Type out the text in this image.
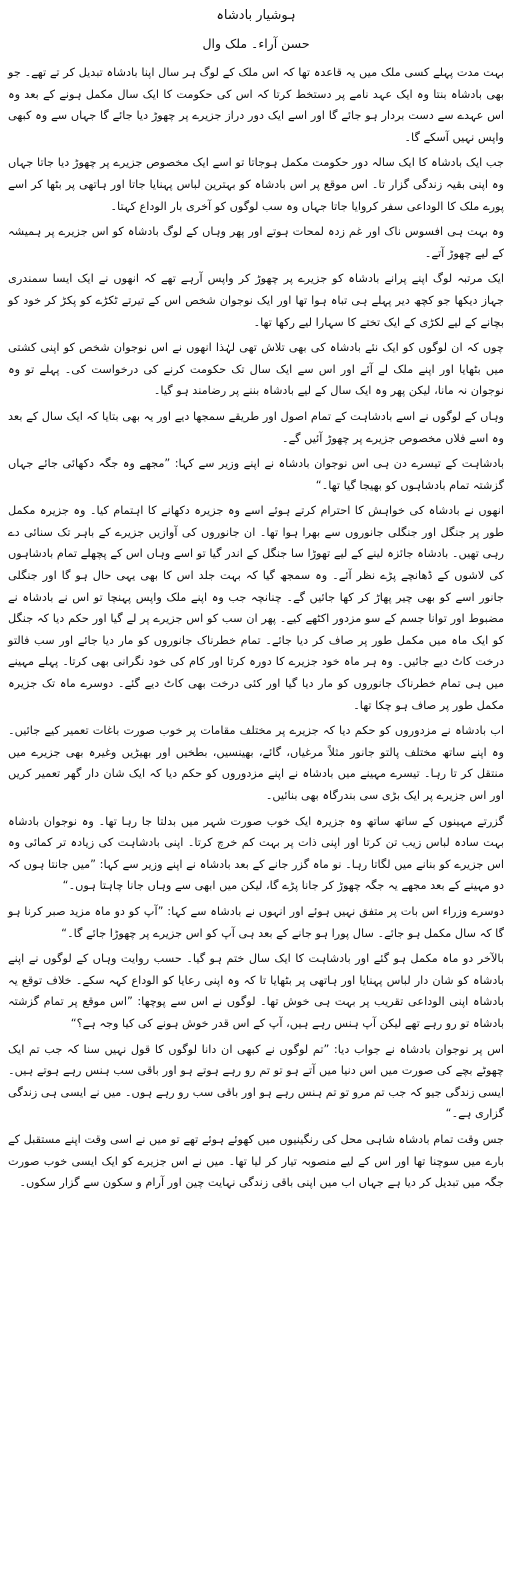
ہوشیار بادشاہ
حسن آراء۔ ملک وال

بہت مدت پہلے کسی ملک میں یہ قاعدہ تھا کہ اس ملک کے لوگ ہر سال اپنا بادشاہ تبدیل کر تے تھے۔ جو بھی بادشاہ بنتا وہ ایک عہد نامے پر دستخط کرتا کہ اس کی حکومت کا ایک سال مکمل ہونے کے بعد وہ اس عہدے سے دست بردار ہو جائے گا اور اسے ایک دور دراز جزیرے پر چھوڑ دیا جائے گا جہاں سے وہ کبھی واپس نہیں آسکے گا۔

جب ایک بادشاہ کا ایک سالہ دور حکومت مکمل ہوجاتا تو اسے ایک مخصوص جزیرے پر چھوڑ دیا جاتا جہاں وہ اپنی بقیہ زندگی گزار تا۔ اس موقع پر اس بادشاہ کو بہترین لباس پہنایا جاتا اور ہاتھی پر بٹھا کر اسے پورے ملک کا الوداعی سفر کروایا جاتا جہاں وہ سب لوگوں کو آخری بار الوداع کہتا۔

وہ بہت ہی افسوس ناک اور غم زدہ لمحات ہوتے اور پھر وہاں کے لوگ بادشاہ کو اس جزیرے پر ہمیشہ کے لیے چھوڑ آتے۔

ایک مرتبہ لوگ اپنے پرانے بادشاہ کو جزیرے پر چھوڑ کر واپس آرہے تھے کہ انھوں نے ایک ایسا سمندری جہاز دیکھا جو کچھ دیر پہلے ہی تباہ ہوا تھا اور ایک نوجوان شخص اس کے تیرتے ٹکڑے کو پکڑ کر خود کو بچانے کے لیے لکڑی کے ایک تختے کا سہارا لیے رکھا تھا۔

چوں کہ ان لوگوں کو ایک نئے بادشاہ کی بھی تلاش تھی لہٰذا انھوں نے اس نوجوان شخص کو اپنی کشتی میں بٹھایا اور اپنے ملک لے آئے اور اس سے ایک سال تک حکومت کرنے کی درخواست کی۔ پہلے تو وہ نوجوان نہ مانا، لیکن پھر وہ ایک سال کے لیے بادشاہ بننے پر رضامند ہو گیا۔

وہاں کے لوگوں نے اسے بادشاہت کے تمام اصول اور طریقے سمجھا دیے اور یہ بھی بتایا کہ ایک سال کے بعد وہ اسے فلاں مخصوص جزیرے پر چھوڑ آئیں گے۔

بادشاہت کے تیسرے دن ہی اس نوجوان بادشاہ نے اپنے وزیر سے کہا: ”مجھے وہ جگہ دکھائی جائے جہاں گزشتہ تمام بادشاہوں کو بھیجا گیا تھا۔“

انھوں نے بادشاہ کی خواہش کا احترام کرتے ہوئے اسے وہ جزیرہ دکھانے کا اہتمام کیا۔ وہ جزیرہ مکمل طور پر جنگل اور جنگلی جانوروں سے بھرا ہوا تھا۔ ان جانوروں کی آوازیں جزیرے کے باہر تک سنائی دے رہی تھیں۔ بادشاہ جائزہ لینے کے لیے تھوڑا سا جنگل کے اندر گیا تو اسے وہاں اس کے پچھلے تمام بادشاہوں کی لاشوں کے ڈھانچے پڑے نظر آئے۔ وہ سمجھ گیا کہ بہت جلد اس کا بھی یہی حال ہو گا اور جنگلی جانور اسے کو بھی چیر پھاڑ کر کھا جائیں گے۔ چنانچہ جب وہ اپنے ملک واپس پہنچا تو اس نے بادشاہ نے مضبوط اور توانا جسم کے سو مزدور اکٹھے کیے۔ پھر ان سب کو اس جزیرے پر لے گیا اور حکم دیا کہ جنگل کو ایک ماہ میں مکمل طور پر صاف کر دیا جائے۔ تمام خطرناک جانوروں کو مار دیا جائے اور سب فالتو درخت کاٹ دیے جائیں۔ وہ ہر ماہ خود جزیرے کا دورہ کرتا اور کام کی خود نگرانی بھی کرتا۔ پہلے مہینے میں ہی تمام خطرناک جانوروں کو مار دیا گیا اور کئی درخت بھی کاٹ دیے گئے۔ دوسرے ماہ تک جزیرہ مکمل طور پر صاف ہو چکا تھا۔

اب بادشاہ نے مزدوروں کو حکم دیا کہ جزیرے پر مختلف مقامات پر خوب صورت باغات تعمیر کیے جائیں۔ وہ اپنے ساتھ مختلف پالتو جانور مثلاً مرغیاں، گائے، بھینسیں، بطخیں اور بھیڑیں وغیرہ بھی جزیرے میں منتقل کر تا رہا۔ تیسرے مہینے میں بادشاہ نے اپنے مزدوروں کو حکم دیا کہ ایک شان دار گھر تعمیر کریں اور اس جزیرے پر ایک بڑی سی بندرگاہ بھی بنائیں۔

گزرتے مہینوں کے ساتھ ساتھ وہ جزیرہ ایک خوب صورت شہر میں بدلتا جا رہا تھا۔ وہ نوجوان بادشاہ بہت سادہ لباس زیب تن کرتا اور اپنی ذات پر بہت کم خرچ کرتا۔ اپنی بادشاہت کی زیادہ تر کمائی وہ اس جزیرے کو بنانے میں لگاتا رہا۔ نو ماہ گزر جانے کے بعد بادشاہ نے اپنے وزیر سے کہا: ”میں جانتا ہوں کہ دو مہینے کے بعد مجھے یہ جگہ چھوڑ کر جانا پڑے گا، لیکن میں ابھی سے وہاں جانا چاہتا ہوں۔“

دوسرے وزراء اس بات پر متفق نہیں ہوئے اور انہوں نے بادشاہ سے کہا: ”آپ کو دو ماہ مزید صبر کرنا ہو گا کہ سال مکمل ہو جائے۔ سال پورا ہو جانے کے بعد ہی آپ کو اس جزیرے پر چھوڑا جائے گا۔“

بالآخر دو ماہ مکمل ہو گئے اور بادشاہت کا ایک سال ختم ہو گیا۔ حسب روایت وہاں کے لوگوں نے اپنے بادشاہ کو شان دار لباس پہنایا اور ہاتھی پر بٹھایا تا کہ وہ اپنی رعایا کو الوداع کہہ سکے۔ خلاف توقع یہ بادشاہ اپنی الوداعی تقریب پر بہت ہی خوش تھا۔ لوگوں نے اس سے پوچھا: ”اس موقع پر تمام گزشتہ بادشاہ تو رو رہے تھے لیکن آپ ہنس رہے ہیں، آپ کے اس قدر خوش ہونے کی کیا وجہ ہے؟“

اس پر نوجوان بادشاہ نے جواب دیا: ”تم لوگوں نے کبھی ان دانا لوگوں کا قول نہیں سنا کہ جب تم ایک چھوٹے بچے کی صورت میں اس دنیا میں آتے ہو تو تم رو رہے ہوتے ہو اور باقی سب ہنس رہے ہوتے ہیں۔ ایسی زندگی جیو کہ جب تم مرو تو تم ہنس رہے ہو اور باقی سب رو رہے ہوں۔ میں نے ایسی ہی زندگی گزاری ہے۔“

جس وقت تمام بادشاہ شاہی محل کی رنگینیوں میں کھوئے ہوئے تھے تو میں نے اسی وقت اپنے مستقبل کے بارے میں سوچنا تھا اور اس کے لیے منصوبہ تیار کر لیا تھا۔ میں نے اس جزیرے کو ایک ایسی خوب صورت جگہ میں تبدیل کر دیا ہے جہاں اب میں اپنی باقی زندگی نہایت چین اور آرام و سکون سے گزار سکوں۔
